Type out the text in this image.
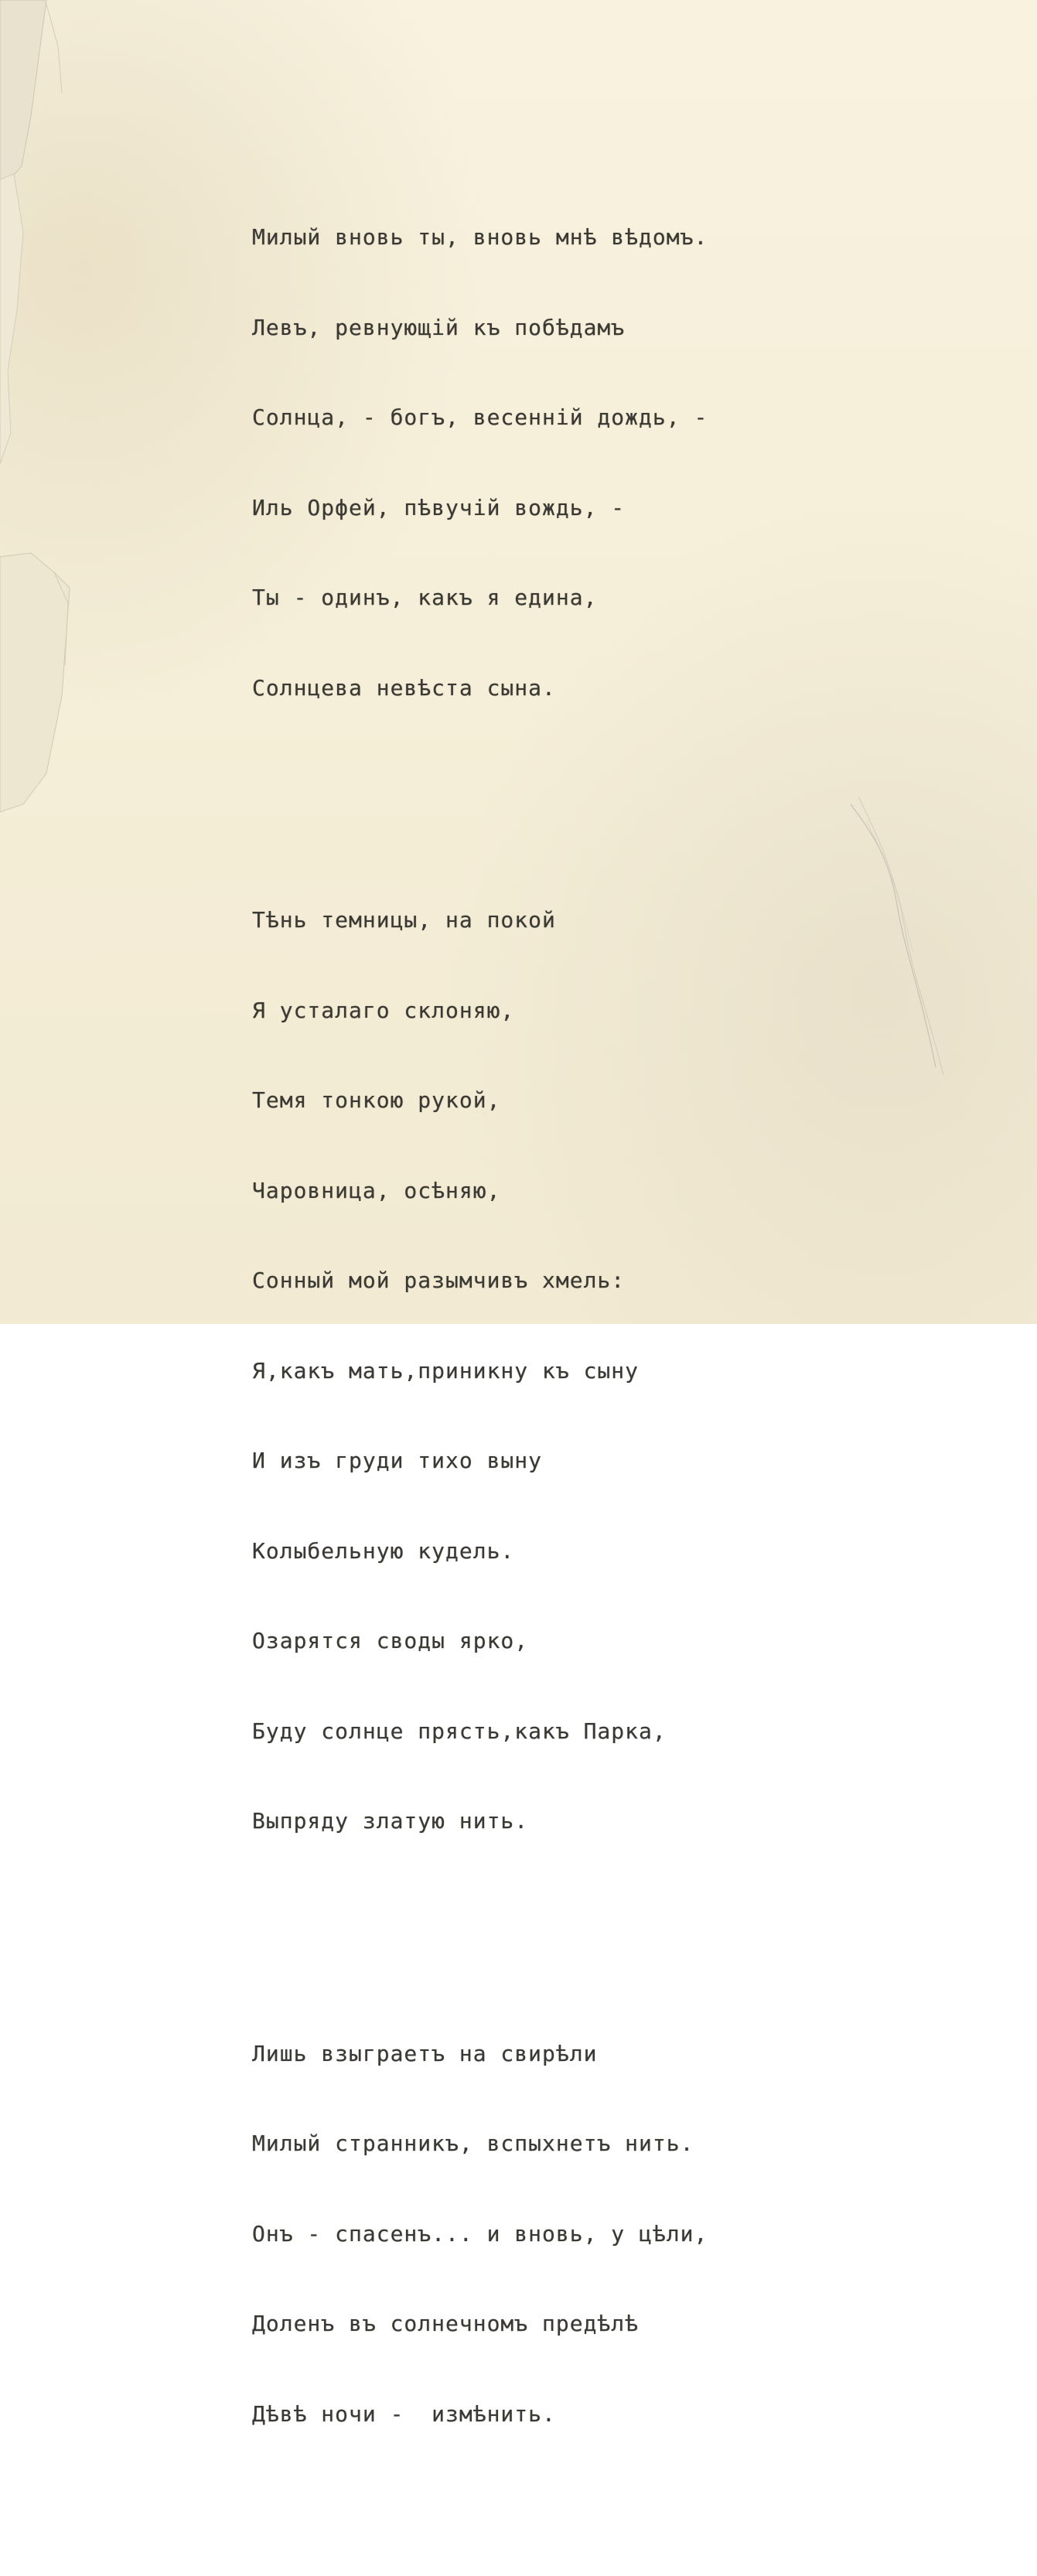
Милый вновь ты, вновь мнѣ вѣдомъ.

Левъ, ревнующій къ побѣдамъ

Солнца, - богъ, весенній дождь, -

Иль Орфей, пѣвучій вождь, -

Ты - одинъ, какъ я едина,

Солнцева невѣста сына.

Тѣнь темницы, на покой

Я усталаго склоняю,

Темя тонкою рукой,

Чаровница, осѣняю,

Сонный мой разымчивъ хмель:

Я,какъ мать,приникну къ сыну

И изъ груди тихо выну

Колыбельную кудель.

Озарятся своды ярко,

Буду солнце прясть,какъ Парка,

Выпряду златую нить.

Лишь взыграетъ на свирѣли

Милый странникъ, вспыхнетъ нить.

Онъ - спасенъ... и вновь, у цѣли,

Доленъ въ солнечномъ предѣлѣ

Дѣвѣ ночи -  измѣнить.
